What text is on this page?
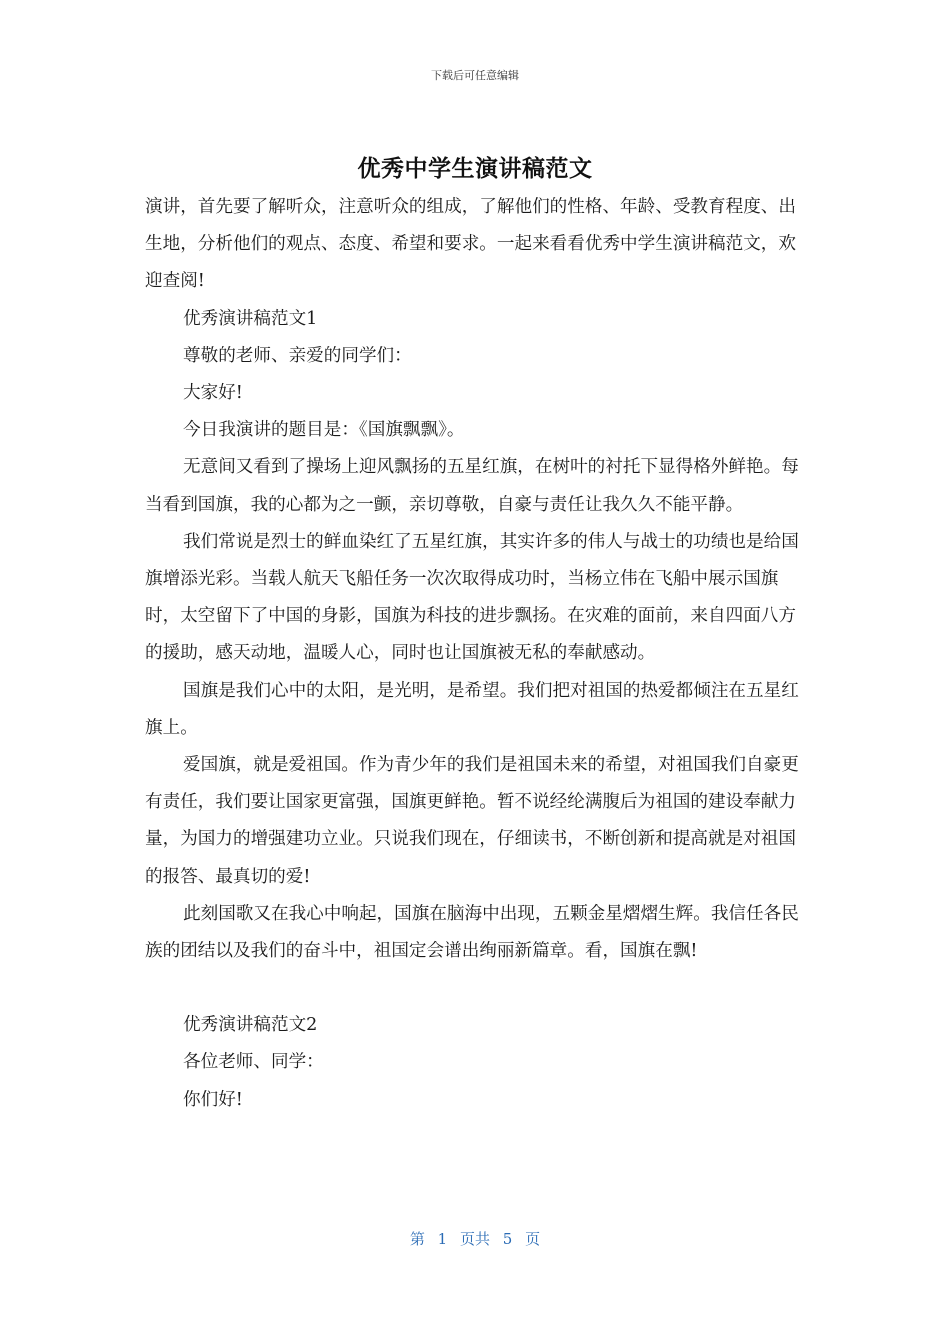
下载后可任意编辑
优秀中学生演讲稿范文

演讲，首先要了解听众，注意听众的组成，了解他们的性格、年龄、受教育程度、出生地，分析他们的观点、态度、希望和要求。一起来看看优秀中学生演讲稿范文，欢迎查阅!

优秀演讲稿范文1

尊敬的老师、亲爱的同学们：

大家好!

今日我演讲的题目是：《国旗飘飘》。

无意间又看到了操场上迎风飘扬的五星红旗，在树叶的衬托下显得格外鲜艳。每当看到国旗，我的心都为之一颤，亲切尊敬，自豪与责任让我久久不能平静。

我们常说是烈士的鲜血染红了五星红旗，其实许多的伟人与战士的功绩也是给国旗增添光彩。当载人航天飞船任务一次次取得成功时，当杨立伟在飞船中展示国旗时，太空留下了中国的身影，国旗为科技的进步飘扬。在灾难的面前，来自四面八方的援助，感天动地，温暖人心，同时也让国旗被无私的奉献感动。

国旗是我们心中的太阳，是光明，是希望。我们把对祖国的热爱都倾注在五星红旗上。

爱国旗，就是爱祖国。作为青少年的我们是祖国未来的希望，对祖国我们自豪更有责任，我们要让国家更富强，国旗更鲜艳。暂不说经纶满腹后为祖国的建设奉献力量，为国力的增强建功立业。只说我们现在，仔细读书，不断创新和提高就是对祖国的报答、最真切的爱!

此刻国歌又在我心中响起，国旗在脑海中出现，五颗金星熠熠生辉。我信任各民族的团结以及我们的奋斗中，祖国定会谱出绚丽新篇章。看，国旗在飘!

优秀演讲稿范文2

各位老师、同学：

你们好!

第 1 页共 5 页
